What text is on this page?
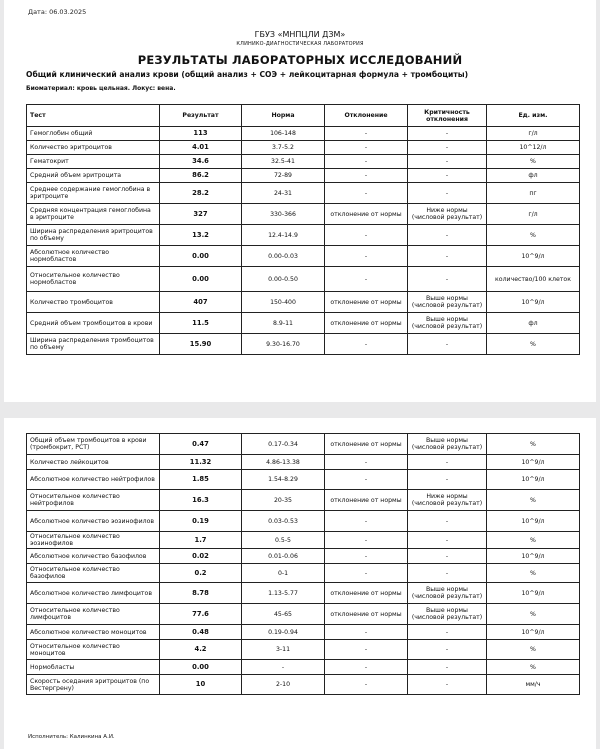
Дата: 06.03.2025
ГБУЗ «МНПЦЛИ ДЗМ»
КЛИНИКО-ДИАГНОСТИЧЕСКАЯ ЛАБОРАТОРИЯ
РЕЗУЛЬТАТЫ ЛАБОРАТОРНЫХ ИССЛЕДОВАНИЙ
Общий клинический анализ крови (общий анализ + СОЭ + лейкоцитарная формула + тромбоциты)
Биоматериал: кровь цельная. Локус: вена.
Тест	Результат	Норма	Отклонение	Критичность отклонения	Ед. изм.
Гемоглобин общий	113	106-148	-	-	г/л
Количество эритроцитов	4.01	3.7-5.2	-	-	10^12/л
Гематокрит	34.6	32.5-41	-	-	%
Средний объем эритроцита	86.2	72-89	-	-	фл
Среднее содержание гемоглобина в эритроците	28.2	24-31	-	-	пг
Средняя концентрация гемоглобина в эритроците	327	330-366	отклонение от нормы	Ниже нормы (числовой результат)	г/л
Ширина распределения эритроцитов по объему	13.2	12.4-14.9	-	-	%
Абсолютное количество нормобластов	0.00	0.00-0.03	-	-	10^9/л
Относительное количество нормобластов	0.00	0.00-0.50	-	-	количество/100 клеток
Количество тромбоцитов	407	150-400	отклонение от нормы	Выше нормы (числовой результат)	10^9/л
Средний объем тромбоцитов в крови	11.5	8.9-11	отклонение от нормы	Выше нормы (числовой результат)	фл
Ширина распределения тромбоцитов по объему	15.90	9.30-16.70	-	-	%
Общий объем тромбоцитов в крови (тромбокрит, PCT)	0.47	0.17-0.34	отклонение от нормы	Выше нормы (числовой результат)	%
Количество лейкоцитов	11.32	4.86-13.38	-	-	10^9/л
Абсолютное количество нейтрофилов	1.85	1.54-8.29	-	-	10^9/л
Относительное количество нейтрофилов	16.3	20-35	отклонение от нормы	Ниже нормы (числовой результат)	%
Абсолютное количество эозинофилов	0.19	0.03-0.53	-	-	10^9/л
Относительное количество эозинофилов	1.7	0.5-5	-	-	%
Абсолютное количество базофилов	0.02	0.01-0.06	-	-	10^9/л
Относительное количество базофилов	0.2	0-1	-	-	%
Абсолютное количество лимфоцитов	8.78	1.13-5.77	отклонение от нормы	Выше нормы (числовой результат)	10^9/л
Относительное количество лимфоцитов	77.6	45-65	отклонение от нормы	Выше нормы (числовой результат)	%
Абсолютное количество моноцитов	0.48	0.19-0.94	-	-	10^9/л
Относительное количество моноцитов	4.2	3-11	-	-	%
Нормобласты	0.00	-	-	-	%
Скорость оседания эритроцитов (по Вестергрену)	10	2-10	-	-	мм/ч
Исполнитель: Калинкина А.И.
